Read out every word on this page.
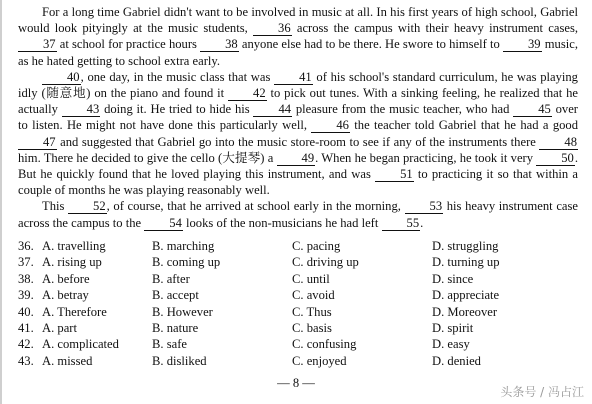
For a long time Gabriel didn't want to be involved in music at all. In his first years of high school, Gabriel would look pityingly at the music students, 36 across the campus with their heavy instrument cases, 37 at school for practice hours 38 anyone else had to be there. He swore to himself to 39 music, as he hated getting to school extra early.

40, one day, in the music class that was 41 of his school's standard curriculum, he was playing idly (随意地) on the piano and found it 42 to pick out tunes. With a sinking feeling, he realized that he actually 43 doing it. He tried to hide his 44 pleasure from the music teacher, who had 45 over to listen. He might not have done this particularly well, 46 the teacher told Gabriel that he had a good 47 and suggested that Gabriel go into the music store-room to see if any of the instruments there 48 him. There he decided to give the cello (大提琴) a 49. When he began practicing, he took it very 50. But he quickly found that he loved playing this instrument, and was 51 to practicing it so that within a couple of months he was playing reasonably well.

This 52, of course, that he arrived at school early in the morning, 53 his heavy instrument case across the campus to the 54 looks of the non-musicians he had left 55.

36. A. travelling	B. marching	C. pacing	D. struggling
37. A. rising up	B. coming up	C. driving up	D. turning up
38. A. before	B. after	C. until	D. since
39. A. betray	B. accept	C. avoid	D. appreciate
40. A. Therefore	B. However	C. Thus	D. Moreover
41. A. part	B. nature	C. basis	D. spirit
42. A. complicated	B. safe	C. confusing	D. easy
43. A. missed	B. disliked	C. enjoyed	D. denied
— 8 —
头条号 / 冯占江
